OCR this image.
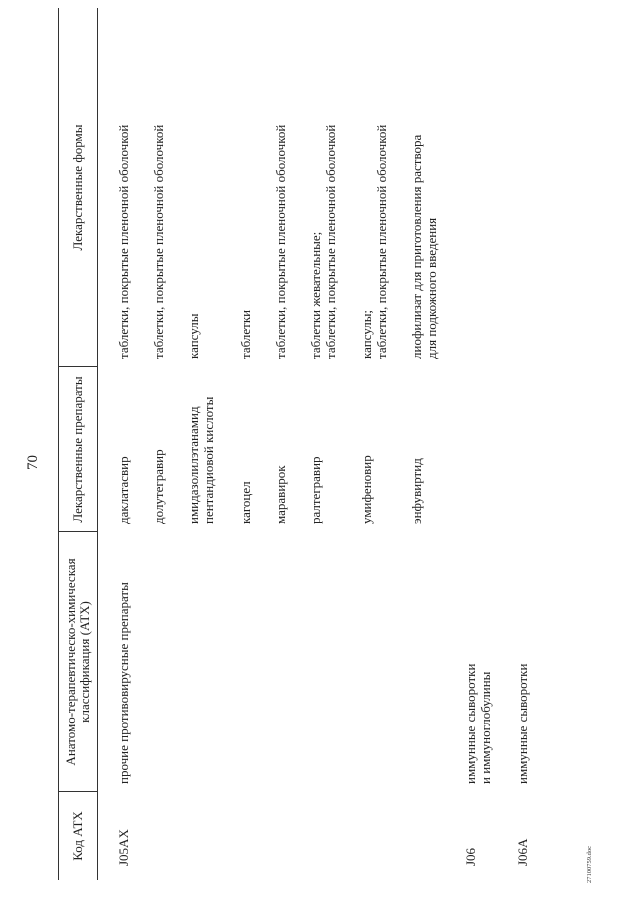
70
Код АТХ
Анатомо-терапевтическо-химическая классификация (АТХ)
Лекарственные препараты
Лекарственные формы
J05AX
прочие противовирусные препараты
даклатасвир
таблетки, покрытые пленочной оболочкой
долутегравир
таблетки, покрытые пленочной оболочкой
имидазолилэтанамид пентандиовой кислоты
капсулы
кагоцел
таблетки
маравирок
таблетки, покрытые пленочной оболочкой
ралтегравир
таблетки жевательные; таблетки, покрытые пленочной оболочкой
умифеновир
капсулы; таблетки, покрытые пленочной оболочкой
энфувиртид
лиофилизат для приготовления раствора для подкожного введения
J06
иммунные сыворотки и иммуноглобулины
J06A
иммунные сыворотки
27100759.doc
